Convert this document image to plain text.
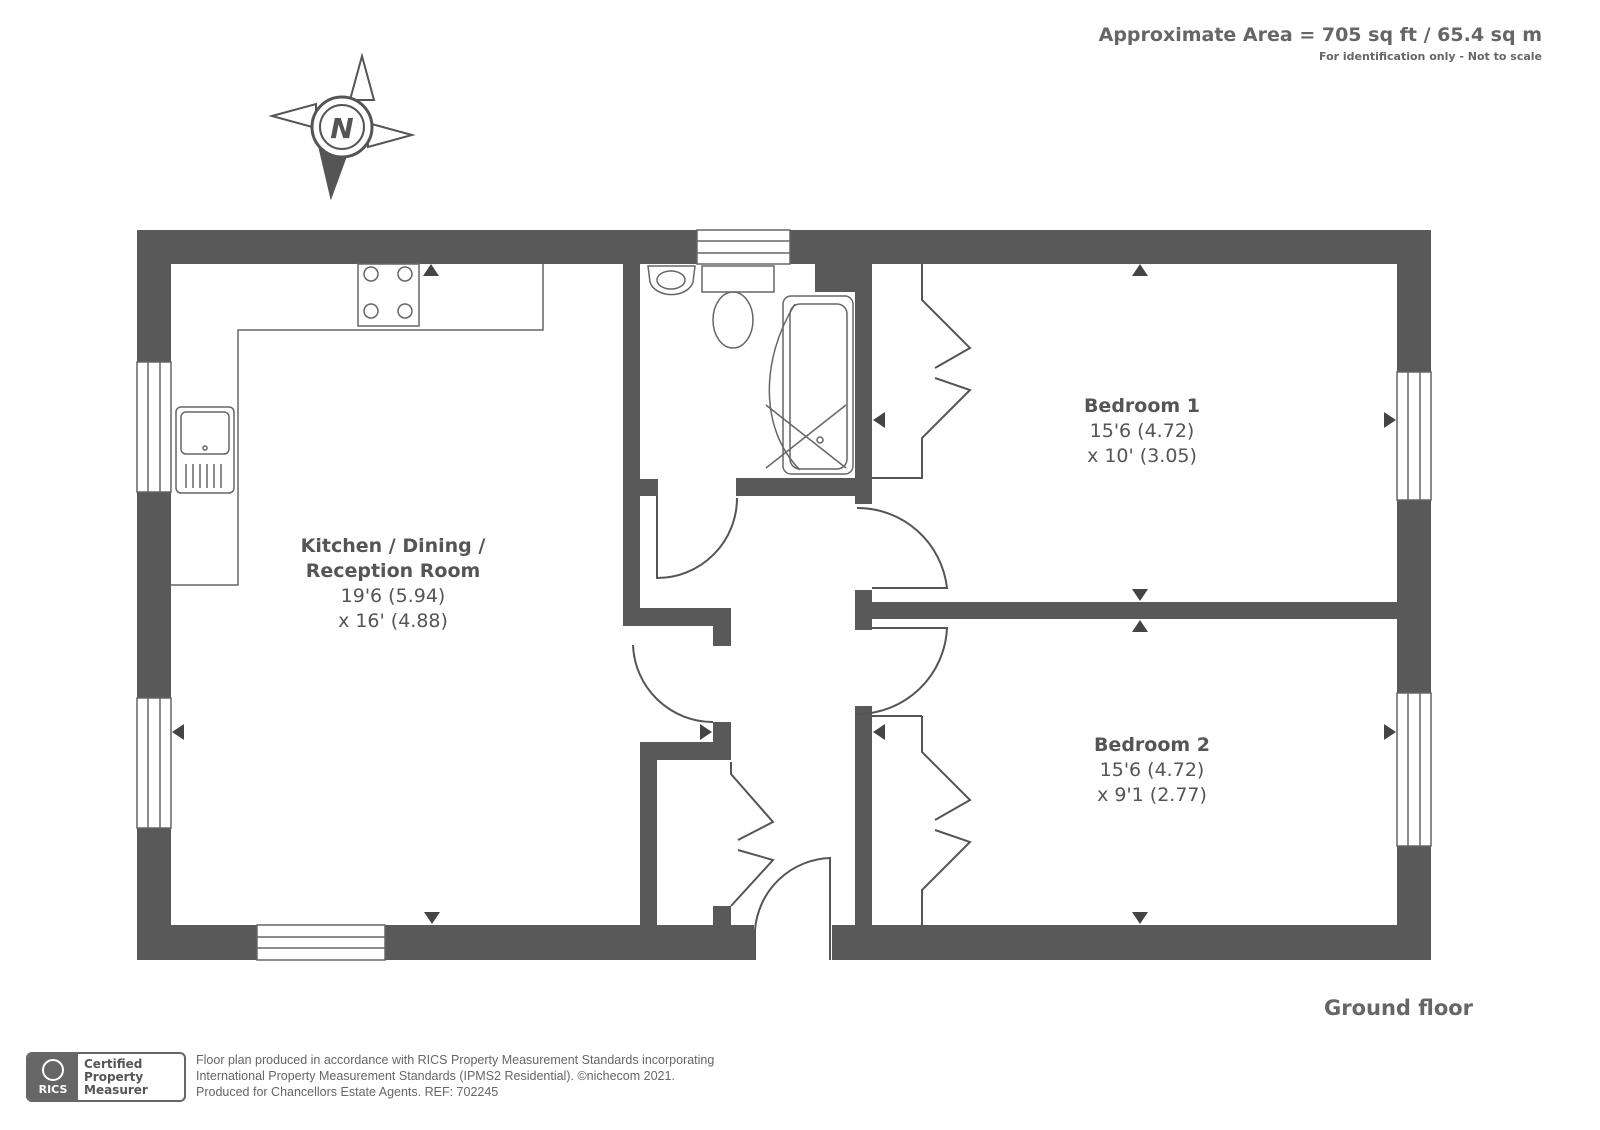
Approximate Area = 705 sq ft / 65.4 sq m
For identification only - Not to scale
N
Kitchen / Dining /
Reception Room
19'6 (5.94)
x 16' (4.88)
Bedroom 1
15'6 (4.72)
x 10' (3.05)
Bedroom 2
15'6 (4.72)
x 9'1 (2.77)
Ground floor
RICS
Certified
Property
Measurer
Floor plan produced in accordance with RICS Property Measurement Standards incorporating
International Property Measurement Standards (IPMS2 Residential). ©nichecom 2021.
Produced for Chancellors Estate Agents. REF: 702245
